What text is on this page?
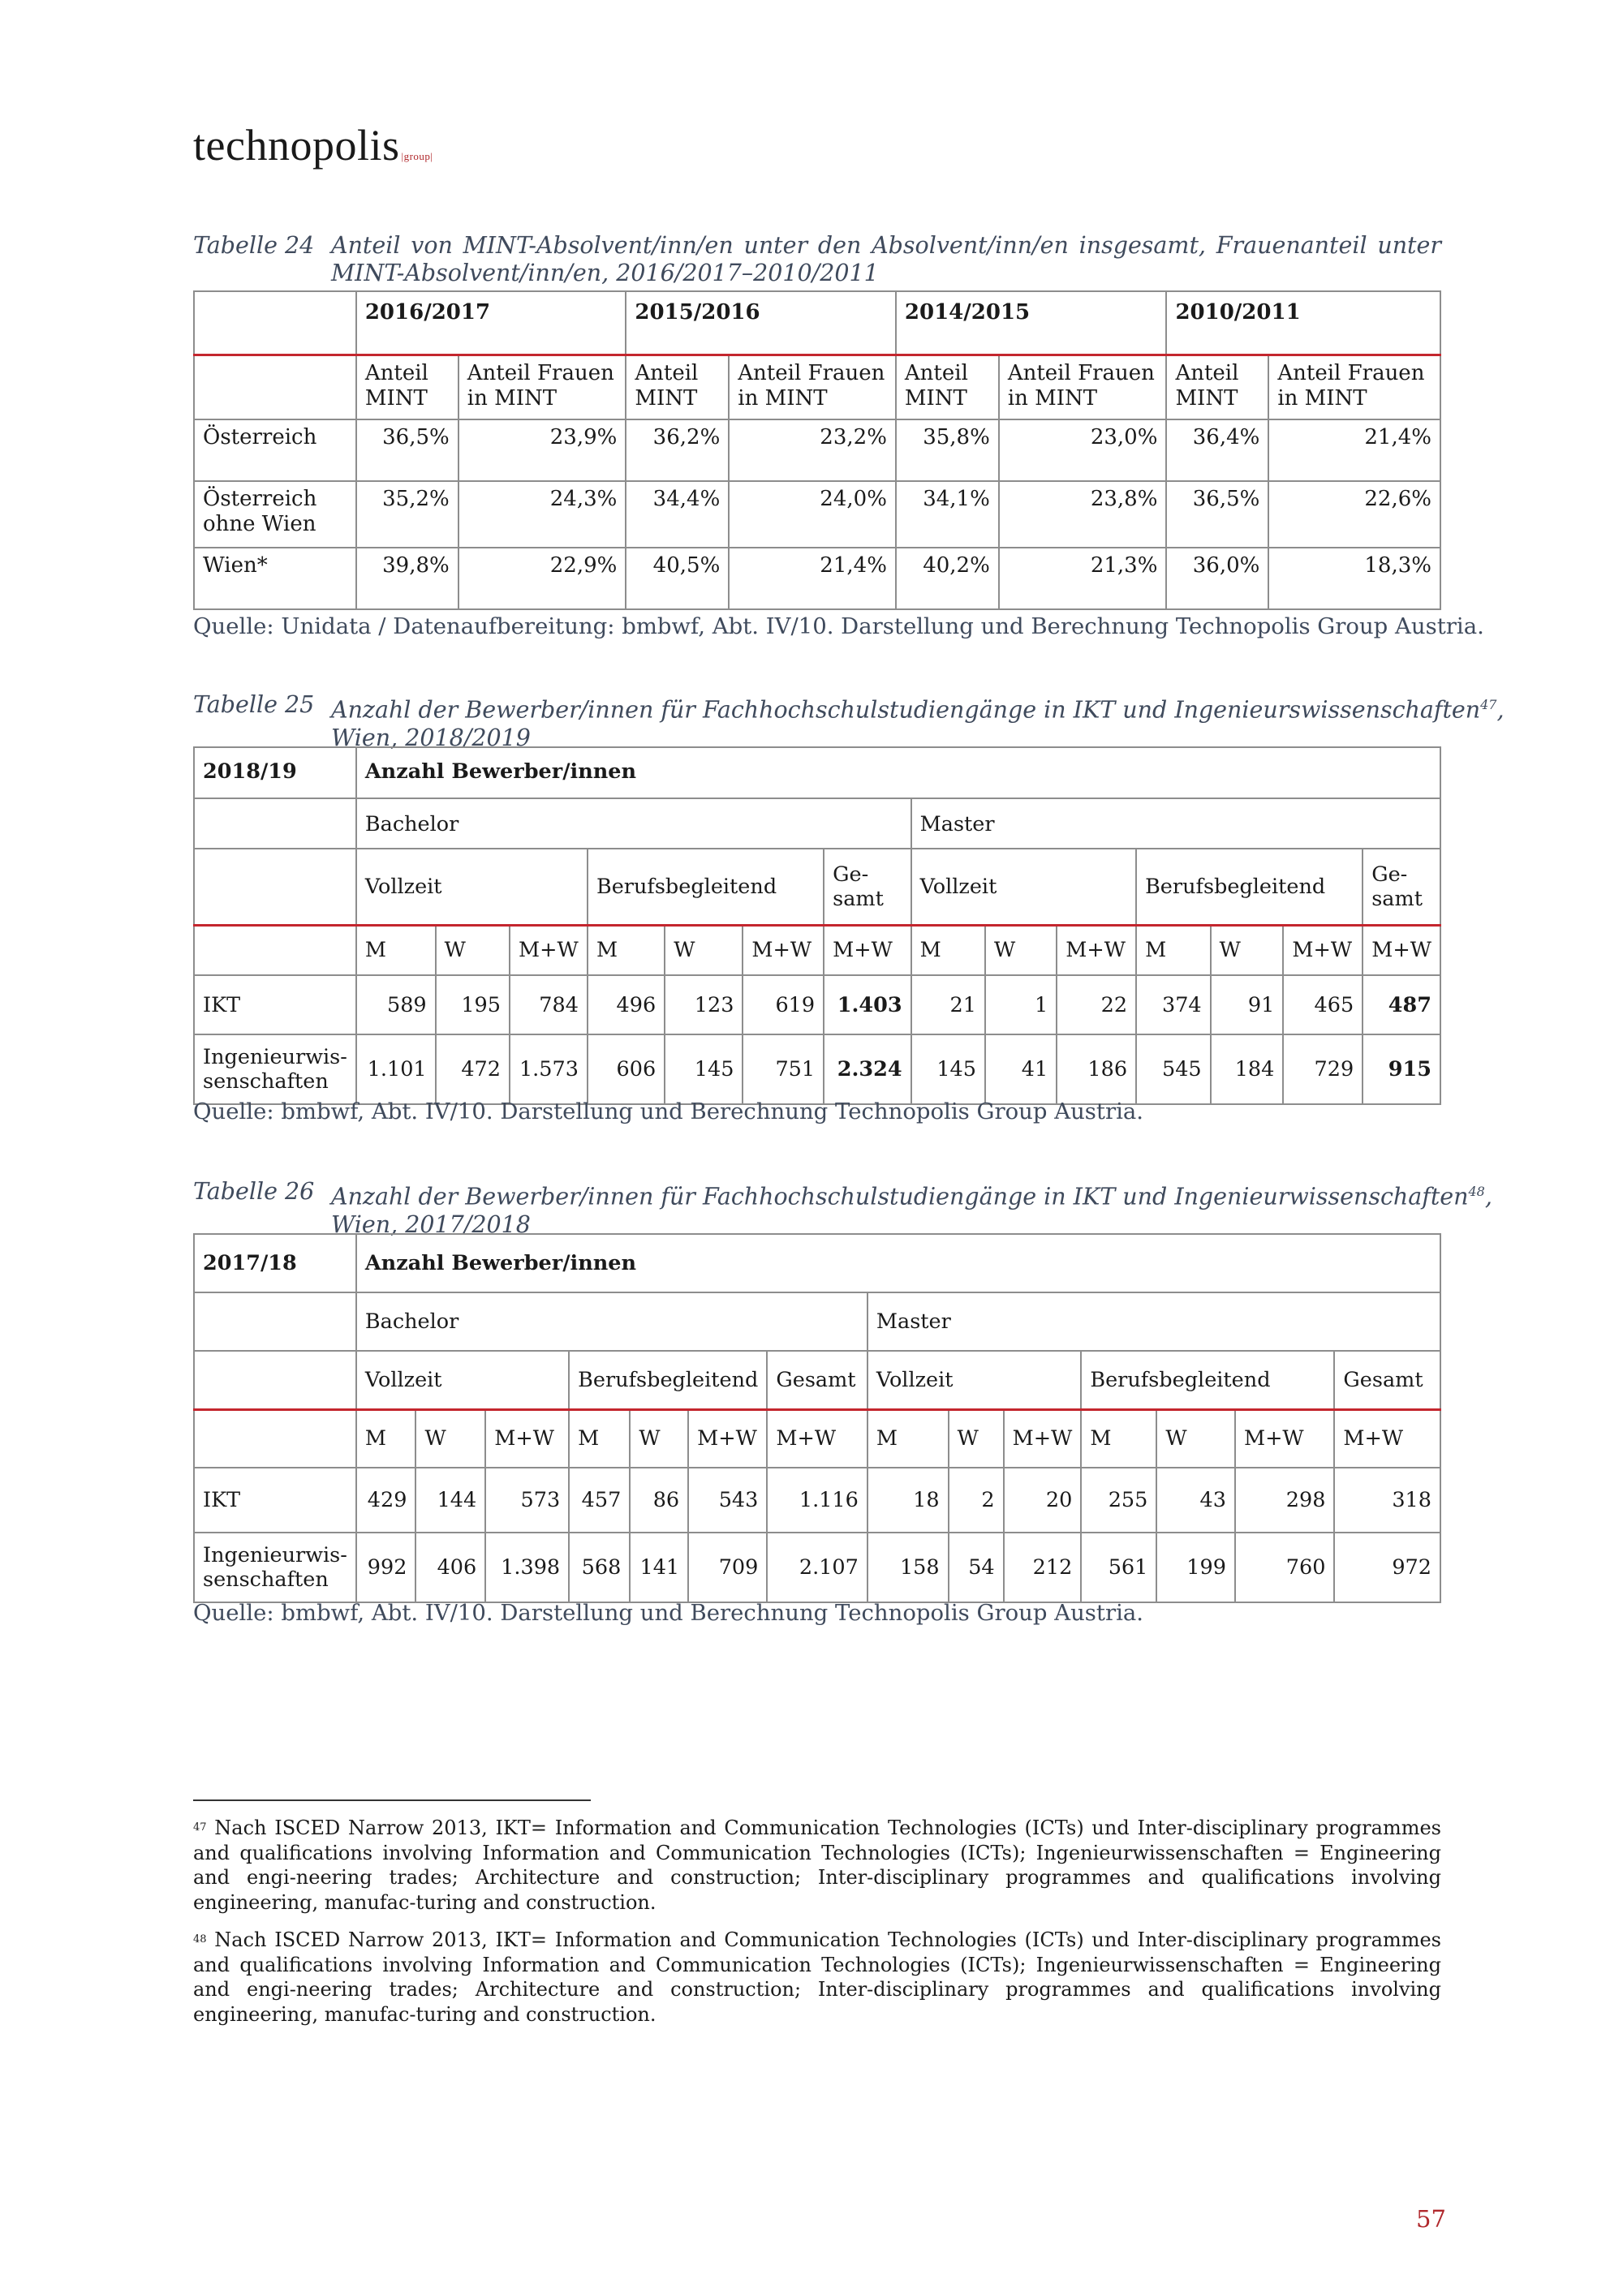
technopolis |group|
Tabelle 24 Anteil von MINT-Absolvent/inn/en unter den Absolvent/inn/en insgesamt, Frauenanteil unter
MINT-Absolvent/inn/en, 2016/2017–2010/2011
	2016/2017		2015/2016		2014/2015		2010/2011	
	Anteil MINT	Anteil Frauen in MINT	Anteil MINT	Anteil Frauen in MINT	Anteil MINT	Anteil Frauen in MINT	Anteil MINT	Anteil Frauen in MINT
Österreich	36,5%	23,9%	36,2%	23,2%	35,8%	23,0%	36,4%	21,4%
Österreich ohne Wien	35,2%	24,3%	34,4%	24,0%	34,1%	23,8%	36,5%	22,6%
Wien*	39,8%	22,9%	40,5%	21,4%	40,2%	21,3%	36,0%	18,3%
Quelle: Unidata / Datenaufbereitung: bmbwf, Abt. IV/10. Darstellung und Berechnung Technopolis Group Austria.
Tabelle 25 Anzahl der Bewerber/innen für Fachhochschulstudiengänge in IKT und Ingenieurswissenschaften$^{47}$,
Wien, 2018/2019
2018/19	Anzahl Bewerber/innen													
	Bachelor							Master						
	Vollzeit			Berufsbegleitend			Ge- samt	Vollzeit			Berufsbegleitend			Ge- samt
	M	W	M+W	M	W	M+W	M+W	M	W	M+W	M	W	M+W	M+W
IKT	589	195	784	496	123	619	1.403	21	1	22	374	91	465	487
Ingenieurwis- senschaften	1.101	472	1.573	606	145	751	2.324	145	41	186	545	184	729	915
Quelle: bmbwf, Abt. IV/10. Darstellung und Berechnung Technopolis Group Austria.
Tabelle 26 Anzahl der Bewerber/innen für Fachhochschulstudiengänge in IKT und Ingenieurwissenschaften$^{48}$,
Wien, 2017/2018
2017/18	Anzahl Bewerber/innen													
	Bachelor							Master						
	Vollzeit			Berufsbegleitend			Gesamt	Vollzeit			Berufsbegleitend			Gesamt
	M	W	M+W	M	W	M+W	M+W	M	W	M+W	M	W	M+W	M+W
IKT	429	144	573	457	86	543	1.116	18	2	20	255	43	298	318
Ingenieurwis- senschaften	992	406	1.398	568	141	709	2.107	158	54	212	561	199	760	972
Quelle: bmbwf, Abt. IV/10. Darstellung und Berechnung Technopolis Group Austria.
$^{47}$ Nach ISCED Narrow 2013, IKT= Information and Communication Technologies (ICTs) und Inter-disciplinary programmes and qualifications involving Information and Communication Technologies (ICTs); Ingenieurwissenschaften = Engineering and engi-neering trades; Architecture and construction; Inter-disciplinary programmes and qualifications involving engineering, manufac-turing and construction.
$^{48}$ Nach ISCED Narrow 2013, IKT= Information and Communication Technologies (ICTs) und Inter-disciplinary programmes and qualifications involving Information and Communication Technologies (ICTs); Ingenieurwissenschaften = Engineering and engi-neering trades; Architecture and construction; Inter-disciplinary programmes and qualifications involving engineering, manufac-turing and construction.
57
